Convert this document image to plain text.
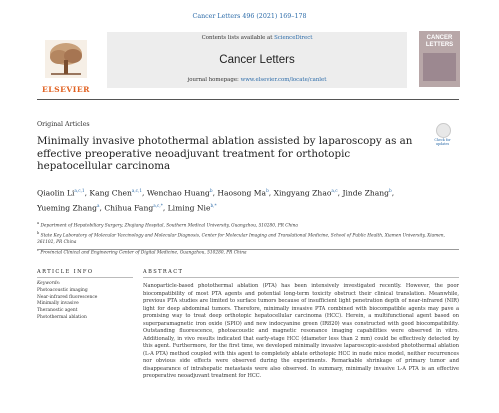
Cancer Letters 496 (2021) 169–178
ELSEVIER
Contents lists available at ScienceDirect
Cancer Letters
journal homepage: www.elsevier.com/locate/canlet
CANCER LETTERS
Original Articles
Check for updates
Minimally invasive photothermal ablation assisted by laparoscopy as an effective preoperative neoadjuvant treatment for orthotopic hepatocellular carcinoma
Qiaolin Li$^{a,c,1}$, Kang Chen$^{a,c,1}$, Wenchao Huang$^b$, Haosong Ma$^b$, Xingyang Zhao$^{a,c}$, Jinde Zhang$^b$, Yueming Zhang$^a$, Chihua Fang$^{a,c,*}$, Liming Nie$^{b,*}$
$^a$ Department of Hepatobiliary Surgery, Zhujiang Hospital, Southern Medical University, Guangzhou, 510280, PR China
$^b$ State Key Laboratory of Molecular Vaccinology and Molecular Diagnosis, Center for Molecular Imaging and Translational Medicine, School of Public Health, Xiamen University, Xiamen, 361102, PR China
Provincial Clinical and Engineering Center of Digital Medicine, Guangzhou, 510280, PR China
ARTICLE INFO
Keywords:
Photoacoustic imaging
Near-infrared fluorescence
Minimally invasive
Theranostic agent
Photothermal ablation
ABSTRACT
Nanoparticle-based photothermal ablation (PTA) has been intensively investigated recently. However, the poor biocompatibility of most PTA agents and potential long-term toxicity obstruct their clinical translation. Meanwhile, previous PTA studies are limited to surface tumors because of insufficient light penetration depth of near-infrared (NIR) light for deep abdominal tumors. Therefore, minimally invasive PTA combined with biocompatible agents may pave a promising way to treat deep orthotopic hepatocellular carcinoma (HCC). Herein, a multifunctional agent based on superparamagnetic iron oxide (SPIO) and new indocyanine green (IR820) was constructed with good biocompatibility. Outstanding fluorescence, photoacoustic and magnetic resonance imaging capabilities were observed in vitro. Additionally, in vivo results indicated that early-stage HCC (diameter less than 2 mm) could be effectively detected by this agent. Furthermore, for the first time, we developed minimally invasive laparoscopic-assisted photothermal ablation (L-A PTA) method coupled with this agent to completely ablate orthotopic HCC in nude mice model, neither recurrences nor obvious side effects were observed during the experiments. Remarkable shrinkage of primary tumor and disappearance of intrahepatic metastasis were also observed. In summary, minimally invasive L-A PTA is an effective preoperative neoadjuvant treatment for HCC.
